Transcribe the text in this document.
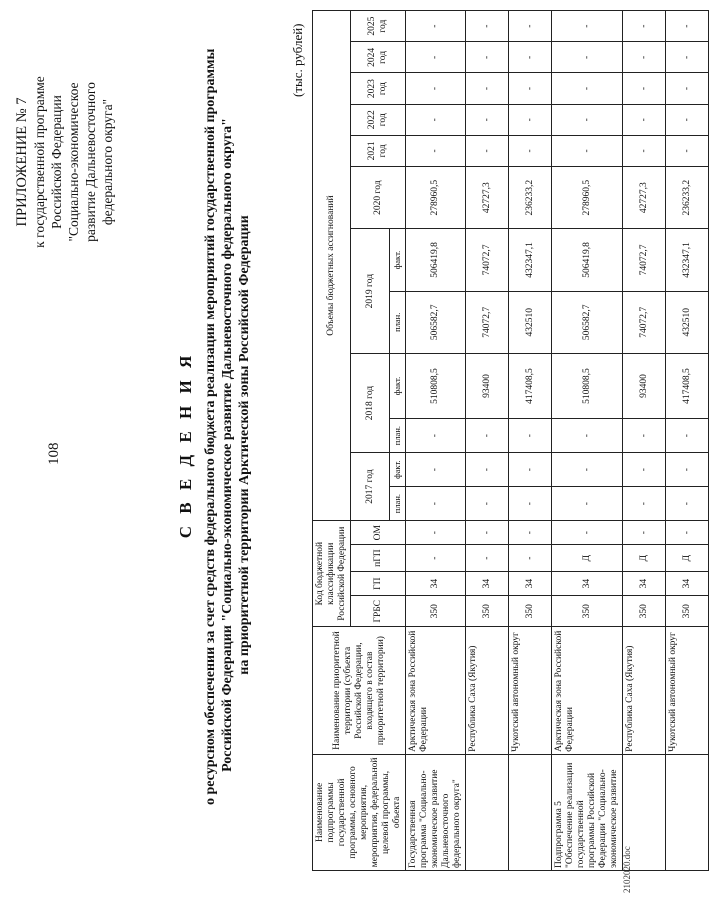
2102020.doc
108
ПРИЛОЖЕНИЕ № 7 к государственной программе Российской Федерации "Социально-экономическое развитие Дальневосточного федерального округа"
С В Е Д Е Н И Я о ресурсном обеспечении за счет средств федерального бюджета реализации мероприятий государственной программы Российской Федерации "Социально-экономическое развитие Дальневосточного федерального округа" на приоритетной территории Арктической зоны Российской Федерации
(тыс. рублей)
Наименование подпрограммы государственной программы, основного мероприятия, мероприятия, федеральной целевой программы, объекта	Наименование приоритетной территории (субъекта Российской Федерации, входящего в состав приоритетной территории)	Код бюджетной классификации Российской Федерации				Объемы бюджетных ассигнований											
		ГРБС	ГП	пГП	ОМ	2017 год		2018 год		2019 год		2020 год	2021 год	2022 год	2023 год	2024 год	2025 год
						план.	факт.	план.	факт.	план.	факт.						
Государственная программа "Социально-экономическое развитие Дальневосточного федерального округа"	Арктическая зона Российской Федерации	350	34	-	-	-	-	-	510808,5	506582,7	506419,8	278960,5	-	-	-	-	-
	Республика Саха (Якутия)	350	34	-	-	-	-	-	93400	74072,7	74072,7	42727,3	-	-	-	-	-
	Чукотский автономный округ	350	34	-	-	-	-	-	417408,5	432510	432347,1	236233,2	-	-	-	-	-
Подпрограмма 5 "Обеспечение реализации государственной программы Российской Федерации "Социально-экономическое развитие	Арктическая зона Российской Федерации	350	34	Д	-	-	-	-	510808,5	506582,7	506419,8	278960,5	-	-	-	-	-
	Республика Саха (Якутия)	350	34	Д	-	-	-	-	93400	74072,7	74072,7	42727,3	-	-	-	-	-
	Чукотский автономный округ	350	34	Д	-	-	-	-	417408,5	432510	432347,1	236233,2	-	-	-	-	-
